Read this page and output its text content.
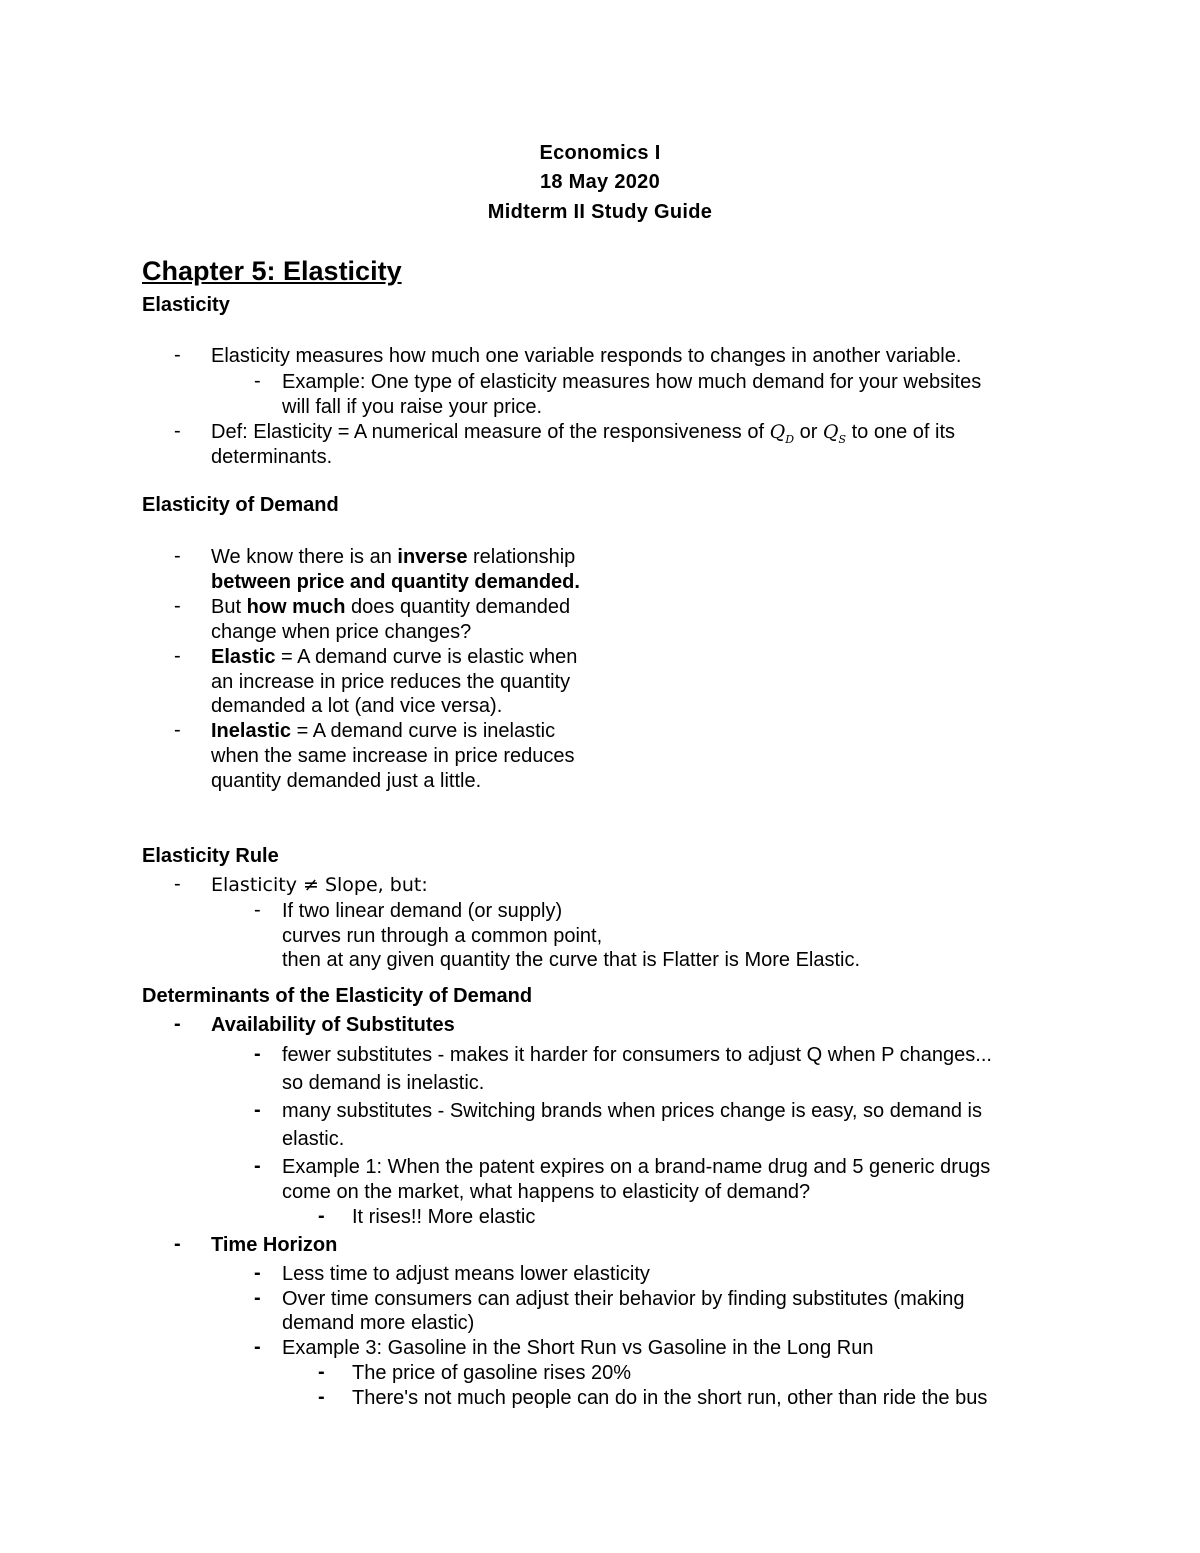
Economics I
18 May 2020
Midterm II Study Guide
Chapter 5: Elasticity
Elasticity
- Elasticity measures how much one variable responds to changes in another variable.
- Example: One type of elasticity measures how much demand for your websites
will fall if you raise your price.
- Def: Elasticity = A numerical measure of the responsiveness of $Q_D$ or $Q_S$ to one of its
determinants.
Elasticity of Demand
- We know there is an inverse relationship
between price and quantity demanded.
- But how much does quantity demanded
change when price changes?
- Elastic = A demand curve is elastic when
an increase in price reduces the quantity
demanded a lot (and vice versa).
- Inelastic = A demand curve is inelastic
when the same increase in price reduces
quantity demanded just a little.
Elasticity Rule
- Elasticity ≠ Slope, but:
- If two linear demand (or supply)
curves run through a common point,
then at any given quantity the curve that is Flatter is More Elastic.
Determinants of the Elasticity of Demand
- Availability of Substitutes
- fewer substitutes - makes it harder for consumers to adjust Q when P changes...
so demand is inelastic.
- many substitutes - Switching brands when prices change is easy, so demand is
elastic.
- Example 1: When the patent expires on a brand-name drug and 5 generic drugs
come on the market, what happens to elasticity of demand?
- It rises!! More elastic
- Time Horizon
- Less time to adjust means lower elasticity
- Over time consumers can adjust their behavior by finding substitutes (making
demand more elastic)
- Example 3: Gasoline in the Short Run vs Gasoline in the Long Run
- The price of gasoline rises 20%
- There's not much people can do in the short run, other than ride the bus
